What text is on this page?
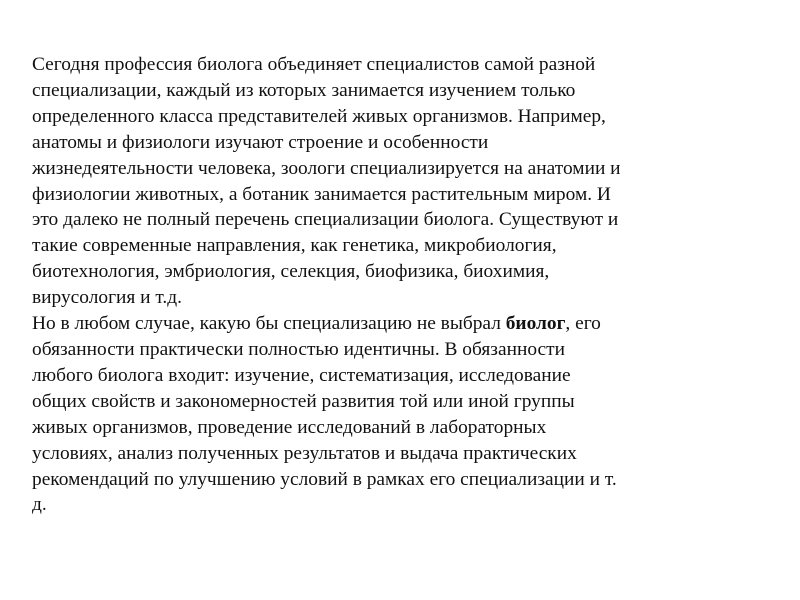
Сегодня профессия биолога объединяет специалистов самой разной
специализации, каждый из которых занимается изучением только
определенного класса представителей живых организмов. Например,
анатомы и физиологи изучают строение и особенности
жизнедеятельности человека, зоологи специализируется на анатомии и
физиологии животных, а ботаник занимается растительным миром. И
это далеко не полный перечень специализации биолога. Существуют и
такие современные направления, как генетика, микробиология,
биотехнология, эмбриология, селекция, биофизика, биохимия,
вирусология и т.д.
Но в любом случае, какую бы специализацию не выбрал биолог, его
обязанности практически полностью идентичны. В обязанности
любого биолога входит: изучение, систематизация, исследование
общих свойств и закономерностей развития той или иной группы
живых организмов, проведение исследований в лабораторных
условиях, анализ полученных результатов и выдача практических
рекомендаций по улучшению условий в рамках его специализации и т.
д.
